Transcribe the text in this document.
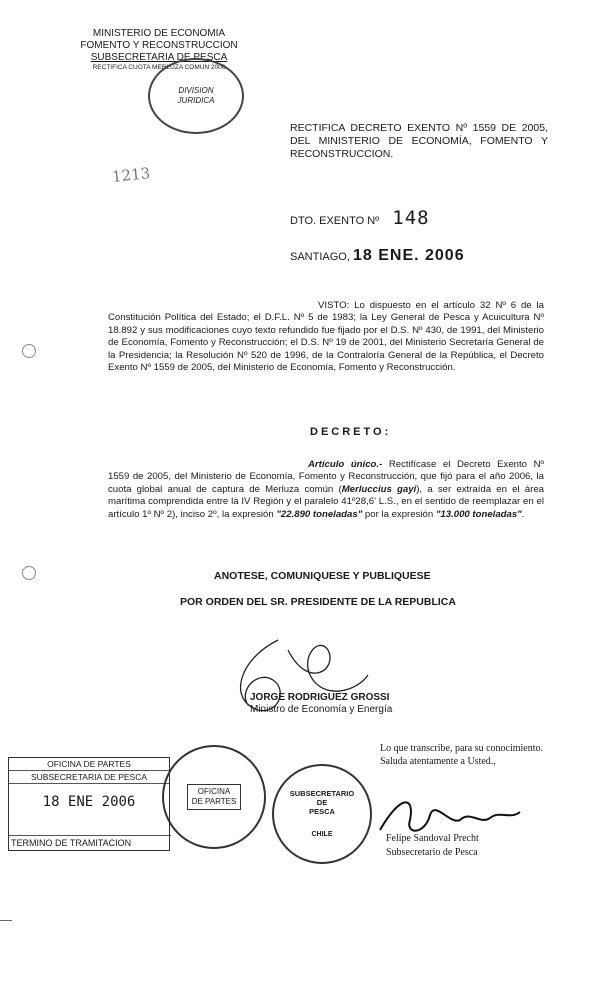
MINISTERIO DE ECONOMIA
FOMENTO Y RECONSTRUCCION
SUBSECRETARIA DE PESCA
RECTIFICA CUOTA MERLUZA COMUN 2006
DIVISION
JURIDICA
1213
RECTIFICA DECRETO EXENTO Nº 1559 DE 2005, DEL MINISTERIO DE ECONOMÍA, FOMENTO Y RECONSTRUCCION.
DTO. EXENTO Nº 148
SANTIAGO, 18 ENE. 2006
VISTO: Lo dispuesto en el artículo 32 Nº 6 de la Constitución Política del Estado; el D.F.L. Nº 5 de 1983; la Ley General de Pesca y Acuicultura Nº 18.892 y sus modificaciones cuyo texto refundido fue fijado por el D.S. Nº 430, de 1991, del Ministerio de Economía, Fomento y Reconstrucción; el D.S. Nº 19 de 2001, del Ministerio Secretaría General de la Presidencia; la Resolución Nº 520 de 1996, de la Contraloría General de la República, el Decreto Exento Nº 1559 de 2005, del Ministerio de Economía, Fomento y Reconstrucción.
DECRETO:
Artículo único.- Rectifícase el Decreto Exento Nº 1559 de 2005, del Ministerio de Economía, Fomento y Reconstrucción, que fijó para el año 2006, la cuota global anual de captura de Merluza común (Merluccius gayi), a ser extraída en el área marítima comprendida entre la IV Región y el paralelo 41º28,6' L.S., en el sentido de reemplazar en el artículo 1º Nº 2), inciso 2º, la expresión "22.890 toneladas" por la expresión "13.000 toneladas".
ANOTESE, COMUNIQUESE Y PUBLIQUESE
POR ORDEN DEL SR. PRESIDENTE DE LA REPUBLICA
JORGE RODRIGUEZ GROSSI
Ministro de Economía y Energía
Lo que transcribe, para su conocimiento.
Saluda atentamente a Usted.,
Felipe Sandoval Precht
Subsecretario de Pesca
OFICINA DE PARTES
SUBSECRETARIA DE PESCA
18 ENE 2006
TERMINO DE TRAMITACION
OFICINA
DE PARTES
SUBSECRETARIO
DE
PESCA
CHILE
